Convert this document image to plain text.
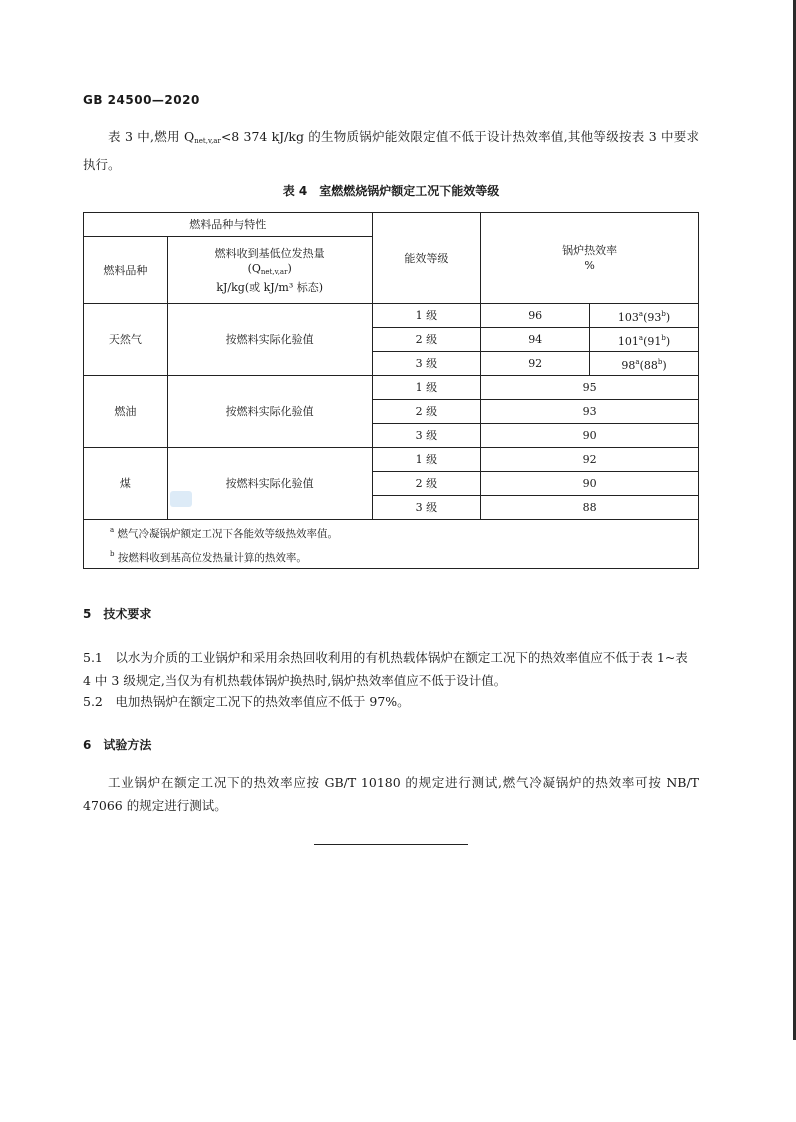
GB 24500—2020
表 3 中,燃用 $Q_{net,v,ar}<8$ 374 kJ/kg 的生物质锅炉能效限定值不低于设计热效率值,其他等级按表 3 中要求执行。
表 4　室燃燃烧锅炉额定工况下能效等级
燃料品种与特性		能效等级	锅炉热效率
%	

燃料品种	燃料收到基低位发热量
$(Q_{net,v,ar})$
kJ/kg(或 kJ/m³ 标态)			

天然气	按燃料实际化验值	1 级	96	103$^a$(93$^b$)
		2 级	94	101$^a$(91$^b$)
		3 级	92	98$^a$(88$^b$)
燃油	按燃料实际化验值	1 级	95	
		2 级	93	
		3 级	90	
煤	按燃料实际化验值	1 级	92	
		2 级	90	
		3 级	88	

$^a$ 燃气冷凝锅炉额定工况下各能效等级热效率值。
$^b$ 按燃料收到基高位发热量计算的热效率。				
5　技术要求
5.1　 以水为介质的工业锅炉和采用余热回收利用的有机热载体锅炉在额定工况下的热效率值应不低于表 1~表 4 中 3 级规定,当仅为有机热载体锅炉换热时,锅炉热效率值应不低于设计值。
5.2　 电加热锅炉在额定工况下的热效率值应不低于 97%。
6　试验方法
工业锅炉在额定工况下的热效率应按 GB/T 10180 的规定进行测试,燃气冷凝锅炉的热效率可按 NB/T 47066 的规定进行测试。
